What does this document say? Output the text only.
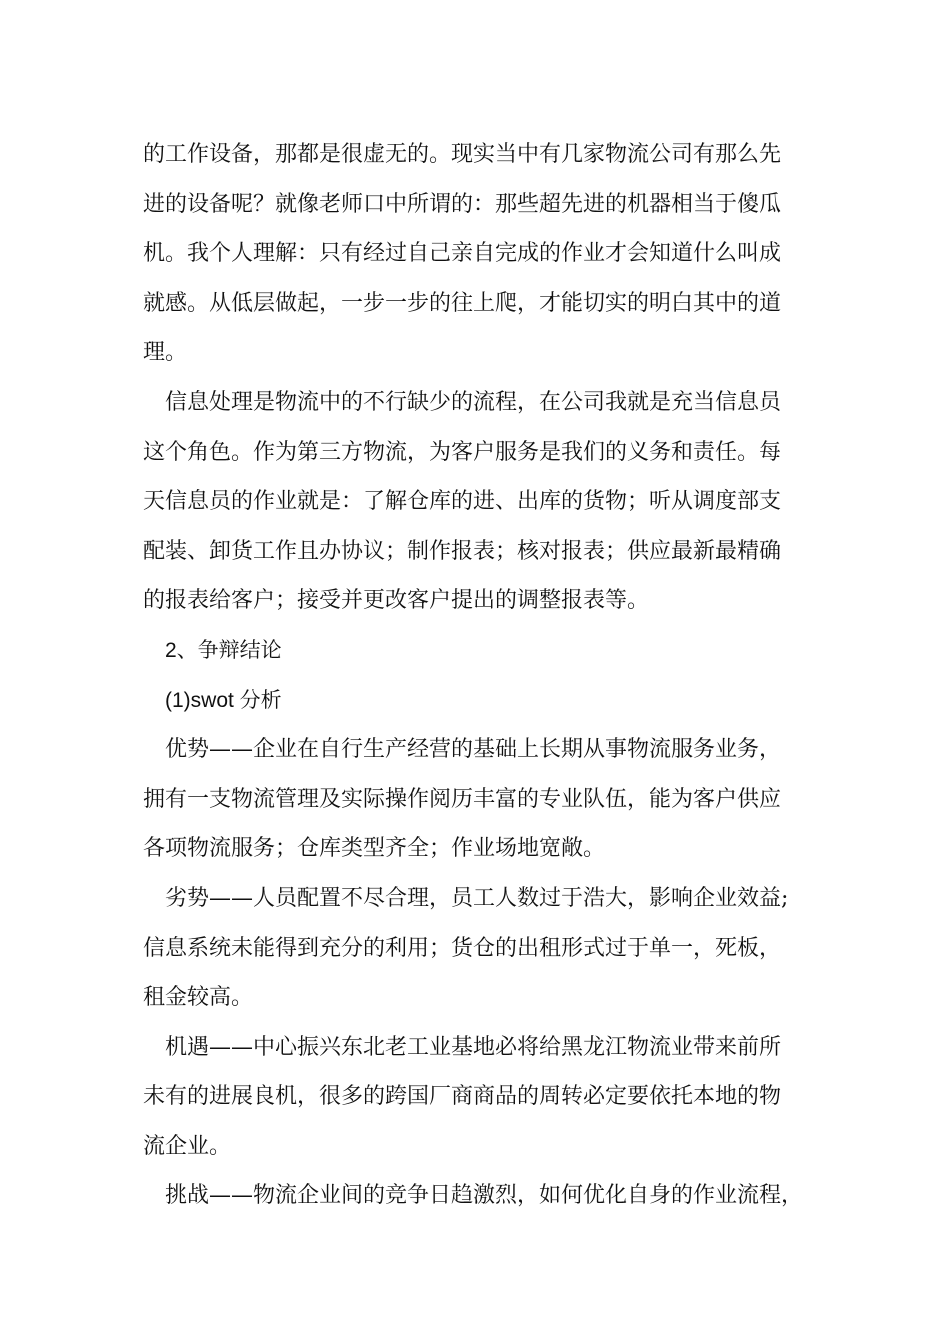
的工作设备，那都是很虚无的。现实当中有几家物流公司有那么先
进的设备呢？就像老师口中所谓的：那些超先进的机器相当于傻瓜
机。我个人理解：只有经过自己亲自完成的作业才会知道什么叫成
就感。从低层做起，一步一步的往上爬，才能切实的明白其中的道
理。
信息处理是物流中的不行缺少的流程，在公司我就是充当信息员
这个角色。作为第三方物流，为客户服务是我们的义务和责任。每
天信息员的作业就是：了解仓库的进、出库的货物；听从调度部支
配装、卸货工作且办协议；制作报表；核对报表；供应最新最精确
的报表给客户；接受并更改客户提出的调整报表等。
2、争辩结论
(1)swot 分析
优势——企业在自行生产经营的基础上长期从事物流服务业务，
拥有一支物流管理及实际操作阅历丰富的专业队伍，能为客户供应
各项物流服务；仓库类型齐全；作业场地宽敞。
劣势——人员配置不尽合理，员工人数过于浩大，影响企业效益;
信息系统未能得到充分的利用；货仓的出租形式过于单一，死板，
租金较高。
机遇——中心振兴东北老工业基地必将给黑龙江物流业带来前所
未有的进展良机，很多的跨国厂商商品的周转必定要依托本地的物
流企业。
挑战——物流企业间的竞争日趋激烈，如何优化自身的作业流程，
